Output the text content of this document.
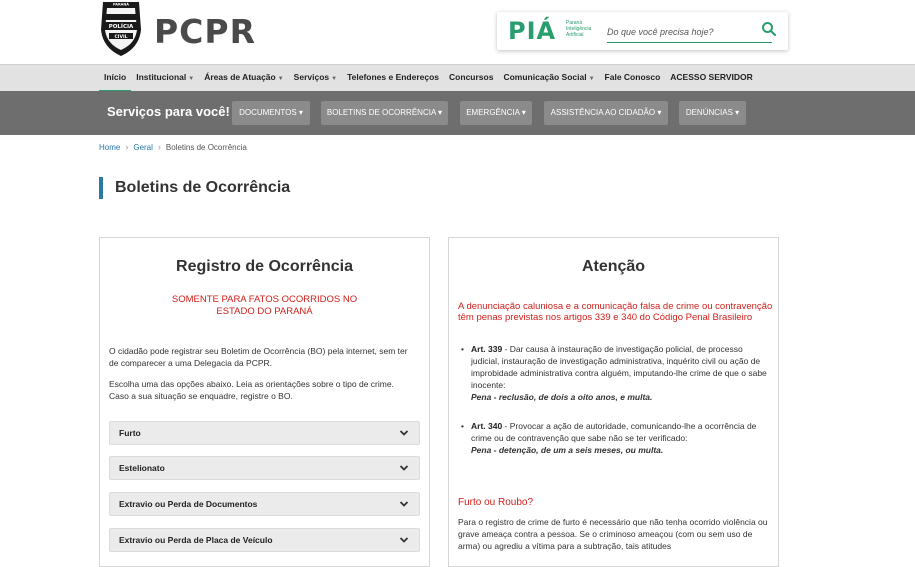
PARANÁ
POLÍCIA
CIVIL PCPR	PIÁ Paraná Inteligência Artificial
Do que você precisa hoje?
Início	Institucional ▼	Áreas de Atuação ▼	Serviços ▼	Telefones e Endereços	Concursos	Comunicação Social ▼	Fale Conosco	ACESSO SERVIDOR
Serviços para você!	DOCUMENTOS ▾	BOLETINS DE OCORRÊNCIA ▾	EMERGÊNCIA ▾	ASSISTÊNCIA AO CIDADÃO ▾	DENÚNCIAS ▾
Home › Geral › Boletins de Ocorrência
Boletins de Ocorrência
Registro de Ocorrência
SOMENTE PARA FATOS OCORRIDOS NO
ESTADO DO PARANÁ

O cidadão pode registrar seu Boletim de Ocorrência (BO) pela internet, sem ter de comparecer a uma Delegacia da PCPR.

Escolha uma das opções abaixo. Leia as orientações sobre o tipo de crime. Caso a sua situação se enquadre, registre o BO.

Furto
Estelionato
Extravio ou Perda de Documentos
Extravio ou Perda de Placa de Veículo
Atenção

A denunciação caluniosa e a comunicação falsa de crime ou contravenção têm penas previstas nos artigos 339 e 340 do Código Penal Brasileiro

• Art. 339 - Dar causa à instauração de investigação policial, de processo judicial, instauração de investigação administrativa, inquérito civil ou ação de improbidade administrativa contra alguém, imputando-lhe crime de que o sabe inocente:
Pena - reclusão, de dois a oito anos, e multa.
• Art. 340 - Provocar a ação de autoridade, comunicando-lhe a ocorrência de crime ou de contravenção que sabe não se ter verificado:
Pena - detenção, de um a seis meses, ou multa.
Furto ou Roubo?

Para o registro de crime de furto é necessário que não tenha ocorrido violência ou grave ameaça contra a pessoa. Se o criminoso ameaçou (com ou sem uso de arma) ou agrediu a vítima para a subtração, tais atitudes
